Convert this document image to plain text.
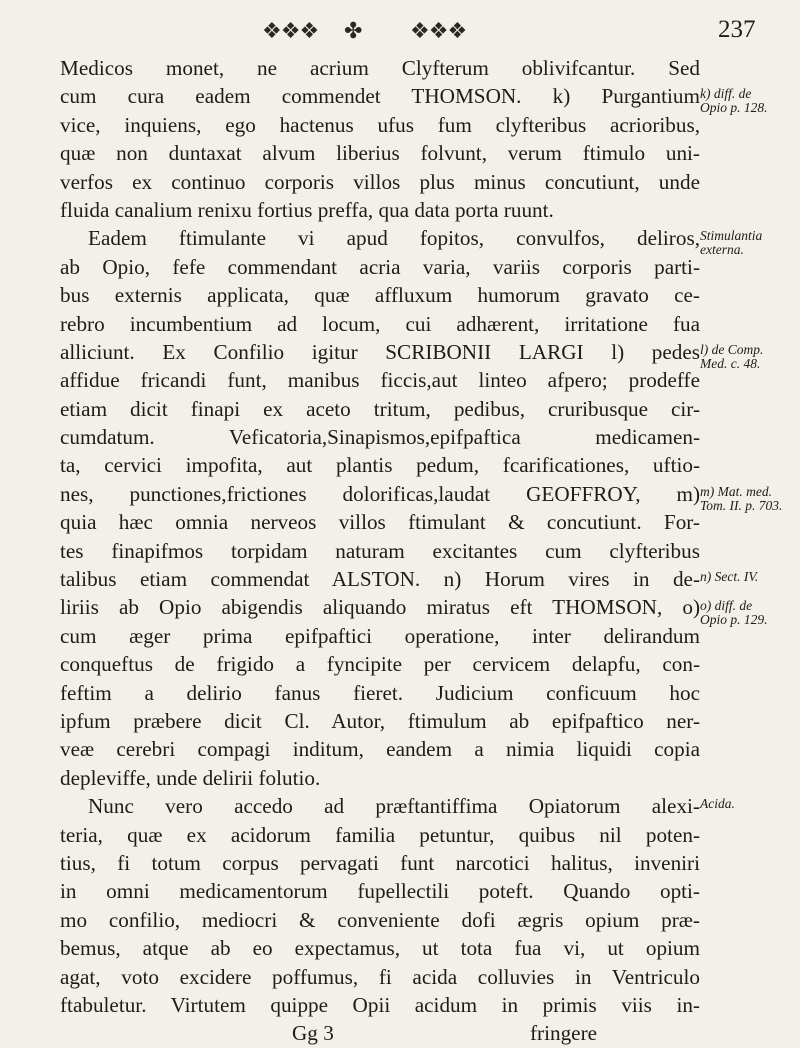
❖❖❖ ✤ ❖❖❖	237
Medicos monet, ne acrium Clyfterum oblivifcantur. Sed
cum cura eadem commendet THOMSON. k) Purgantium
vice, inquiens, ego hactenus ufus fum clyfteribus acrioribus,
quæ non duntaxat alvum liberius folvunt, verum ftimulo uni-
verfos ex continuo corporis villos plus minus concutiunt, unde
fluida canalium renixu fortius preffa, qua data porta ruunt.
Eadem ftimulante vi apud fopitos, convulfos, deliros,
ab Opio, fefe commendant acria varia, variis corporis parti-
bus externis applicata, quæ affluxum humorum gravato ce-
rebro incumbentium ad locum, cui adhærent, irritatione fua
alliciunt. Ex Confilio igitur SCRIBONII LARGI l) pedes
affidue fricandi funt, manibus ficcis,aut linteo afpero; prodeffe
etiam dicit finapi ex aceto tritum, pedibus, cruribusque cir-
cumdatum. Veficatoria,Sinapismos,epifpaftica medicamen-
ta, cervici impofita, aut plantis pedum, fcarificationes, uftio-
nes, punctiones,frictiones dolorificas,laudat GEOFFROY, m)
quia hæc omnia nerveos villos ftimulant & concutiunt. For-
tes finapifmos torpidam naturam excitantes cum clyfteribus
talibus etiam commendat ALSTON. n) Horum vires in de-
liriis ab Opio abigendis aliquando miratus eft THOMSON, o)
cum æger prima epifpaftici operatione, inter delirandum
conqueftus de frigido a fyncipite per cervicem delapfu, con-
feftim a delirio fanus fieret. Judicium conficuum hoc
ipfum præbere dicit Cl. Autor, ftimulum ab epifpaftico ner-
veæ cerebri compagi inditum, eandem a nimia liquidi copia
depleviffe, unde delirii folutio.
Nunc vero accedo ad præftantiffima Opiatorum alexi-
teria, quæ ex acidorum familia petuntur, quibus nil poten-
tius, fi totum corpus pervagati funt narcotici halitus, inveniri
in omni medicamentorum fupellectili poteft. Quando opti-
mo confilio, mediocri & conveniente dofi ægris opium præ-
bemus, atque ab eo expectamus, ut tota fua vi, ut opium
agat, voto excidere poffumus, fi acida colluvies in Ventriculo
ftabuletur. Virtutem quippe Opii acidum in primis viis in-
Gg 3	fringere
k) diff. de
Opio p. 128.
Stimulantia
externa.
l) de Comp.
Med. c. 48.
m) Mat. med.
Tom. II. p. 703.
n) Sect. IV.
o) diff. de
Opio p. 129.
Acida.
